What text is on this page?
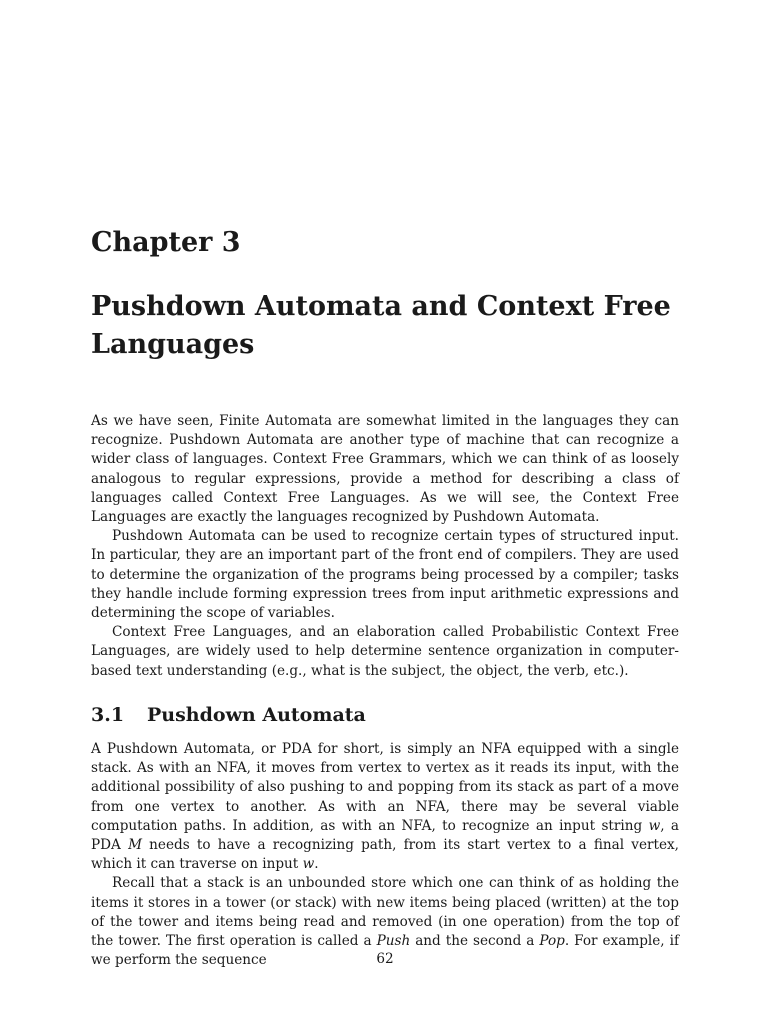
Chapter 3
Pushdown Automata and Context Free Languages

As we have seen, Finite Automata are somewhat limited in the languages they can recognize. Pushdown Automata are another type of machine that can recognize a wider class of languages. Context Free Grammars, which we can think of as loosely analogous to regular expressions, provide a method for describing a class of languages called Context Free Languages. As we will see, the Context Free Languages are exactly the languages recognized by Pushdown Automata.

Pushdown Automata can be used to recognize certain types of structured input. In particular, they are an important part of the front end of compilers. They are used to determine the organization of the programs being processed by a compiler; tasks they handle include forming expression trees from input arithmetic expressions and determining the scope of variables.

Context Free Languages, and an elaboration called Probabilistic Context Free Languages, are widely used to help determine sentence organization in computer-based text understanding (e.g., what is the subject, the object, the verb, etc.).

3.1 Pushdown Automata

A Pushdown Automata, or PDA for short, is simply an NFA equipped with a single stack. As with an NFA, it moves from vertex to vertex as it reads its input, with the additional possibility of also pushing to and popping from its stack as part of a move from one vertex to another. As with an NFA, there may be several viable computation paths. In addition, as with an NFA, to recognize an input string w, a PDA M needs to have a recognizing path, from its start vertex to a final vertex, which it can traverse on input w.

Recall that a stack is an unbounded store which one can think of as holding the items it stores in a tower (or stack) with new items being placed (written) at the top of the tower and items being read and removed (in one operation) from the top of the tower. The first operation is called a Push and the second a Pop. For example, if we perform the sequence	62
